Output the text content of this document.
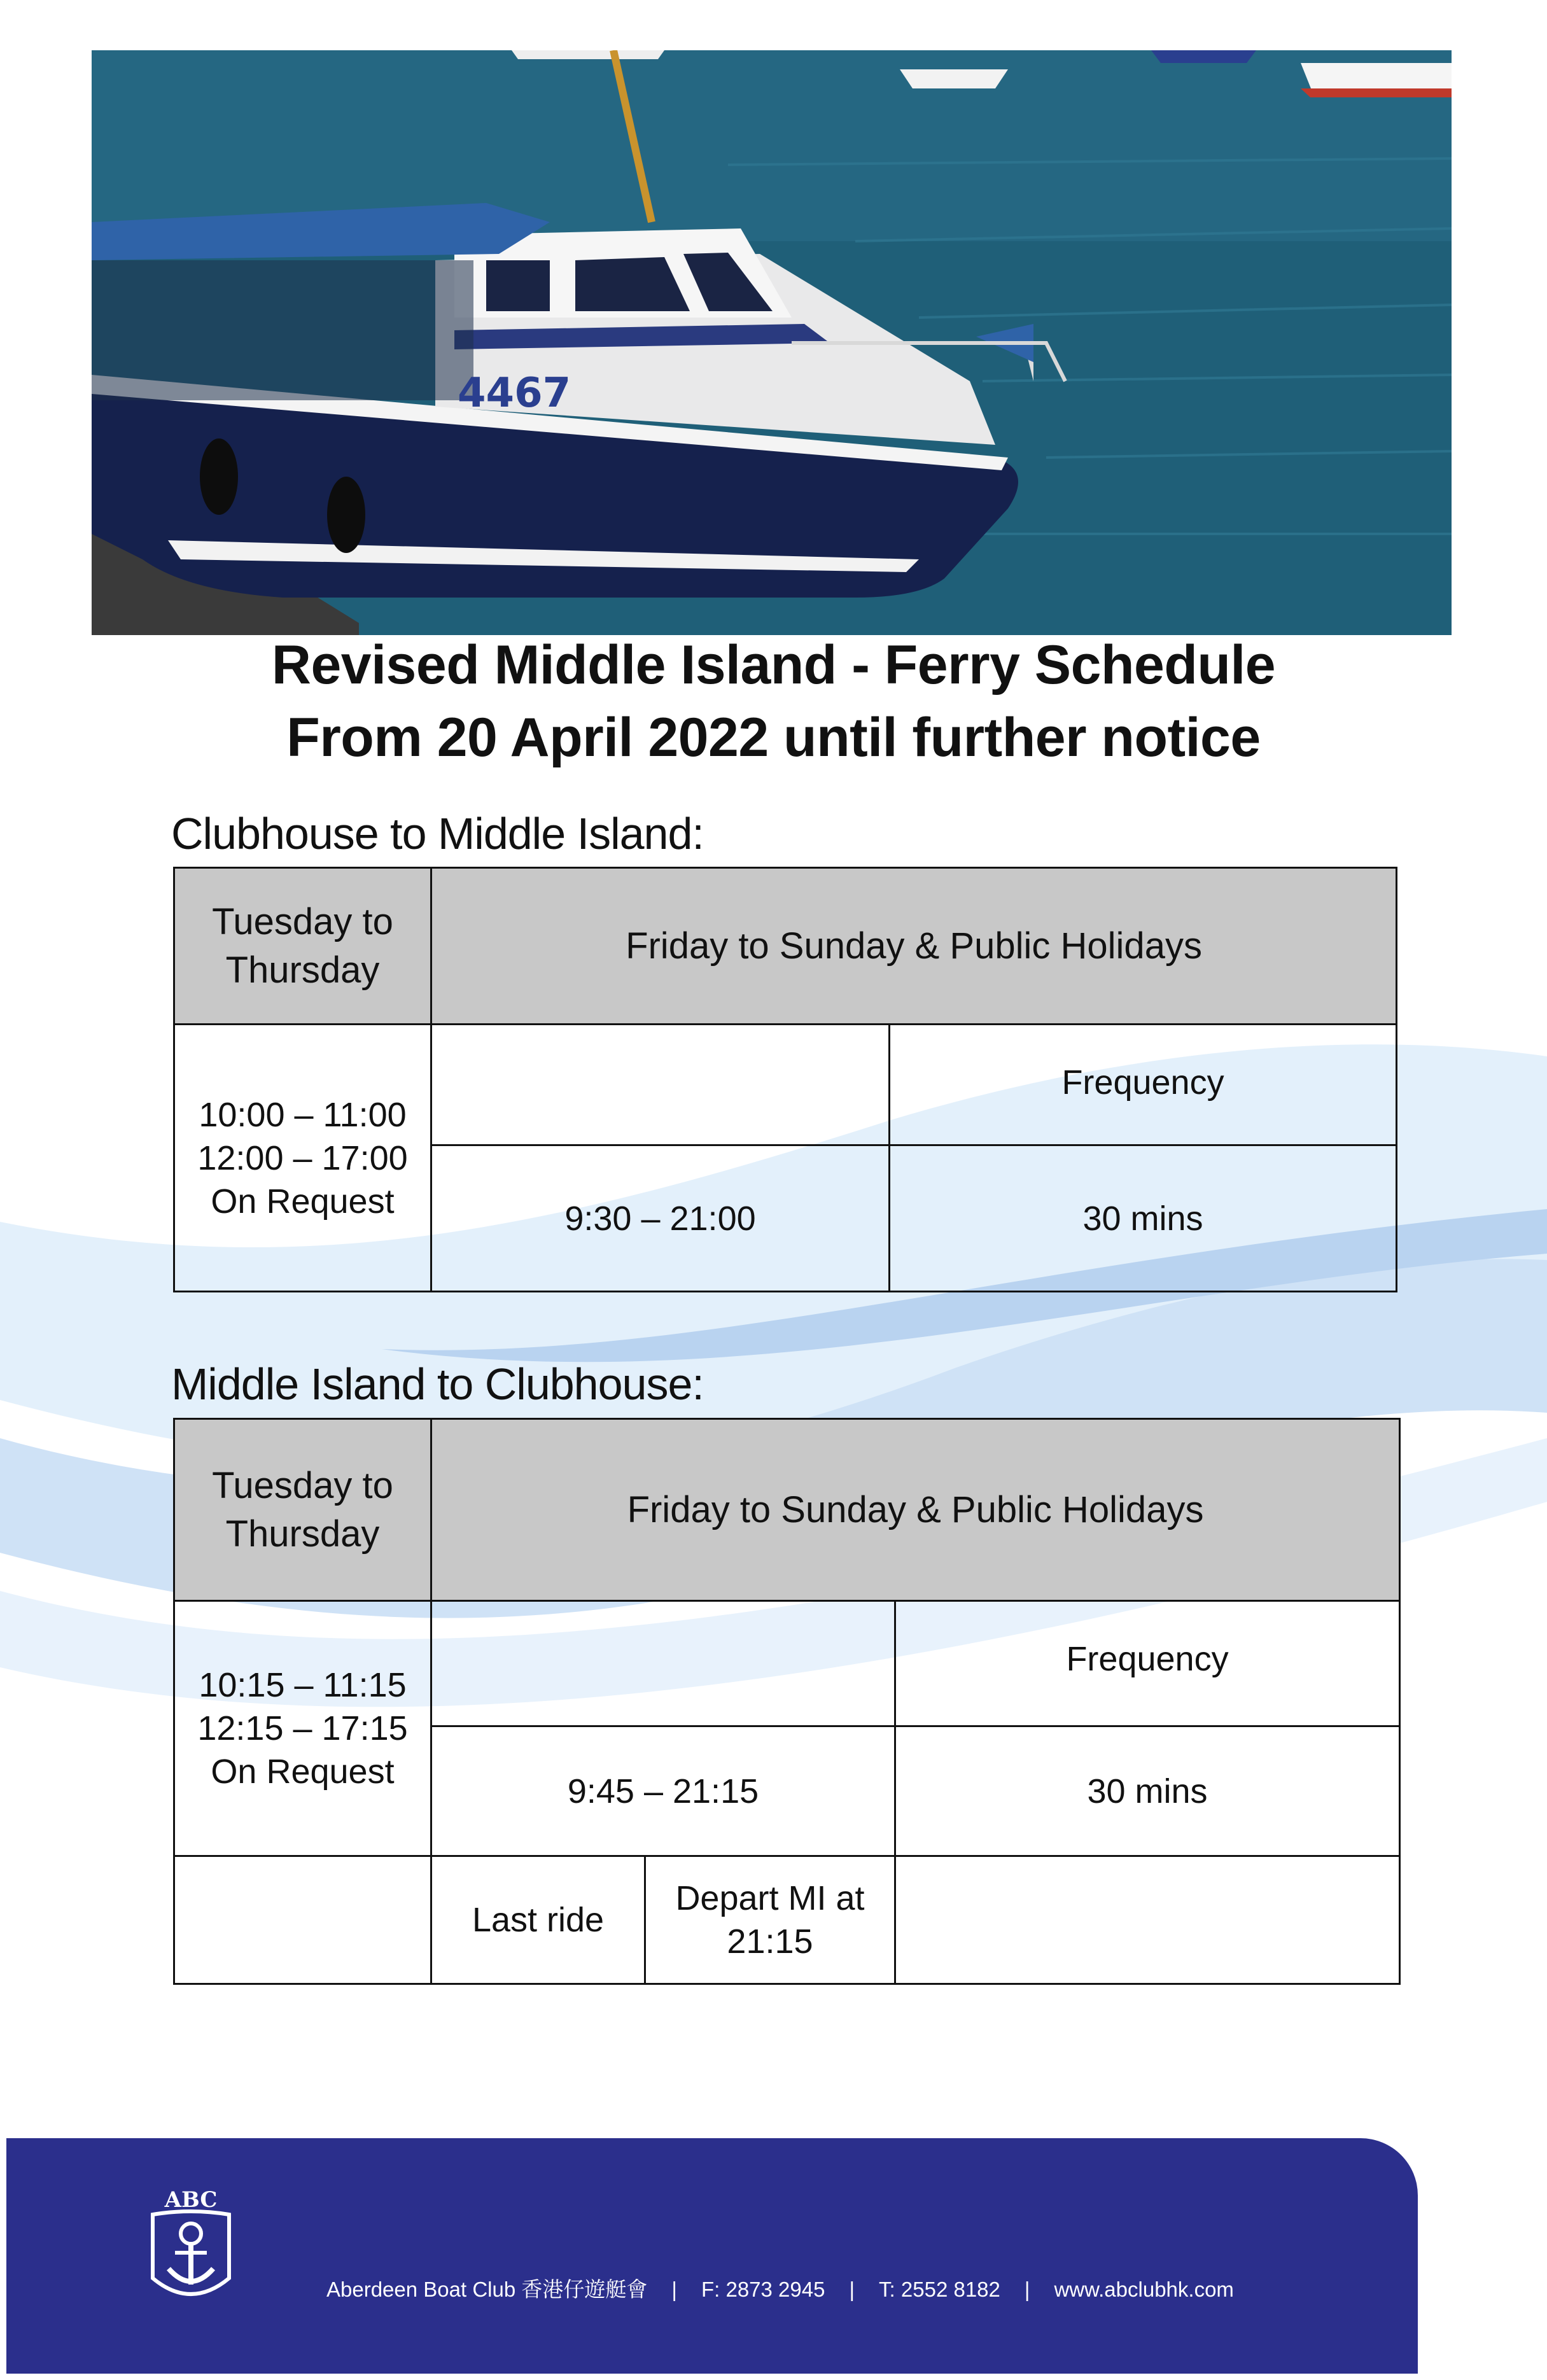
4467
Revised Middle Island - Ferry Schedule
From 20 April 2022 until further notice
Clubhouse to Middle Island:
Tuesday to Thursday	Friday to Sunday & Public Holidays	

10:00 – 11:00
12:00 – 17:00
On Request		Frequency
	9:30 – 21:00	30 mins
Middle Island to Clubhouse:
Tuesday to Thursday	Friday to Sunday & Public Holidays		

10:15 – 11:15
12:15 – 17:15
On Request			Frequency
	9:45 – 21:15		30 mins
	Last ride	Depart MI at 21:15	
ABC
Aberdeen Boat Club 香港仔遊艇會 | F: 2873 2945 | T: 2552 8182 | www.abclubhk.com
